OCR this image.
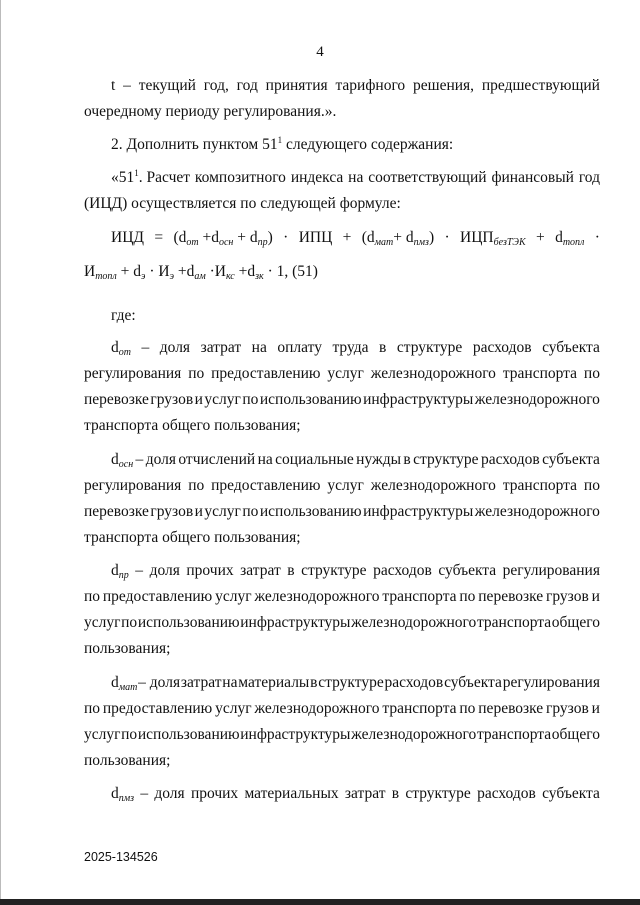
4
t – текущий год, год принятия тарифного решения, предшествующий
очередному периоду регулирования.».
2. Дополнить пунктом $51^1$ следующего содержания:
«$51^1$. Расчет композитного индекса на соответствующий финансовый год
(ИЦД) осуществляется по следующей формуле:
ИЦД = $(d_{от} +d_{осн} + d_{пр})$ · ИПЦ + $(d_{мат}+ d_{пмз}) \cdot ИЦП_{безТЭК} + d_{топл}$ ·
$И_{топл} + d_э \cdot И_э +d_{ам} \cdot И_{кс} +d_{зк} \cdot 1$, (51)
где:
$d_{от}$ – доля затрат на оплату труда в структуре расходов субъекта
регулирования по предоставлению услуг железнодорожного транспорта по
перевозке грузов и услуг по использованию инфраструктуры железнодорожного
транспорта общего пользования;
$d_{осн}$ – доля отчислений на социальные нужды в структуре расходов субъекта
регулирования по предоставлению услуг железнодорожного транспорта по
перевозке грузов и услуг по использованию инфраструктуры железнодорожного
транспорта общего пользования;
$d_{пр}$ – доля прочих затрат в структуре расходов субъекта регулирования
по предоставлению услуг железнодорожного транспорта по перевозке грузов и
услуг по использованию инфраструктуры железнодорожного транспорта общего
пользования;
$d_{мат}$ – доля затрат на материалы в структуре расходов субъекта регулирования
по предоставлению услуг железнодорожного транспорта по перевозке грузов и
услуг по использованию инфраструктуры железнодорожного транспорта общего
пользования;
$d_{пмз}$ – доля прочих материальных затрат в структуре расходов субъекта
2025-134526
